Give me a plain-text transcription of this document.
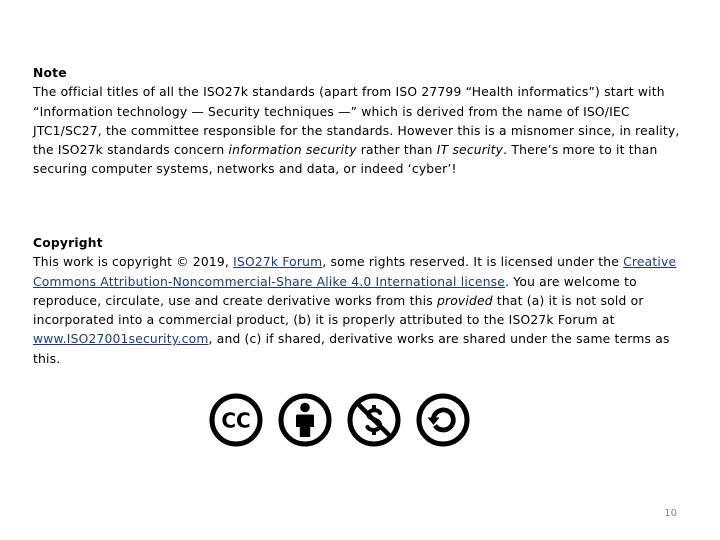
Note
The official titles of all the ISO27k standards (apart from ISO 27799 “Health informatics”) start with “Information technology — Security techniques —” which is derived from the name of ISO/IEC JTC1/SC27, the committee responsible for the standards. However this is a misnomer since, in reality, the ISO27k standards concern information security rather than IT security. There’s more to it than securing computer systems, networks and data, or indeed ‘cyber’!
Copyright
This work is copyright © 2019, ISO27k Forum, some rights reserved. It is licensed under the Creative Commons Attribution-Noncommercial-Share Alike 4.0 International license. You are welcome to reproduce, circulate, use and create derivative works from this provided that (a) it is not sold or incorporated into a commercial product, (b) it is properly attributed to the ISO27k Forum at www.ISO27001security.com, and (c) if shared, derivative works are shared under the same terms as this.
CC
10
